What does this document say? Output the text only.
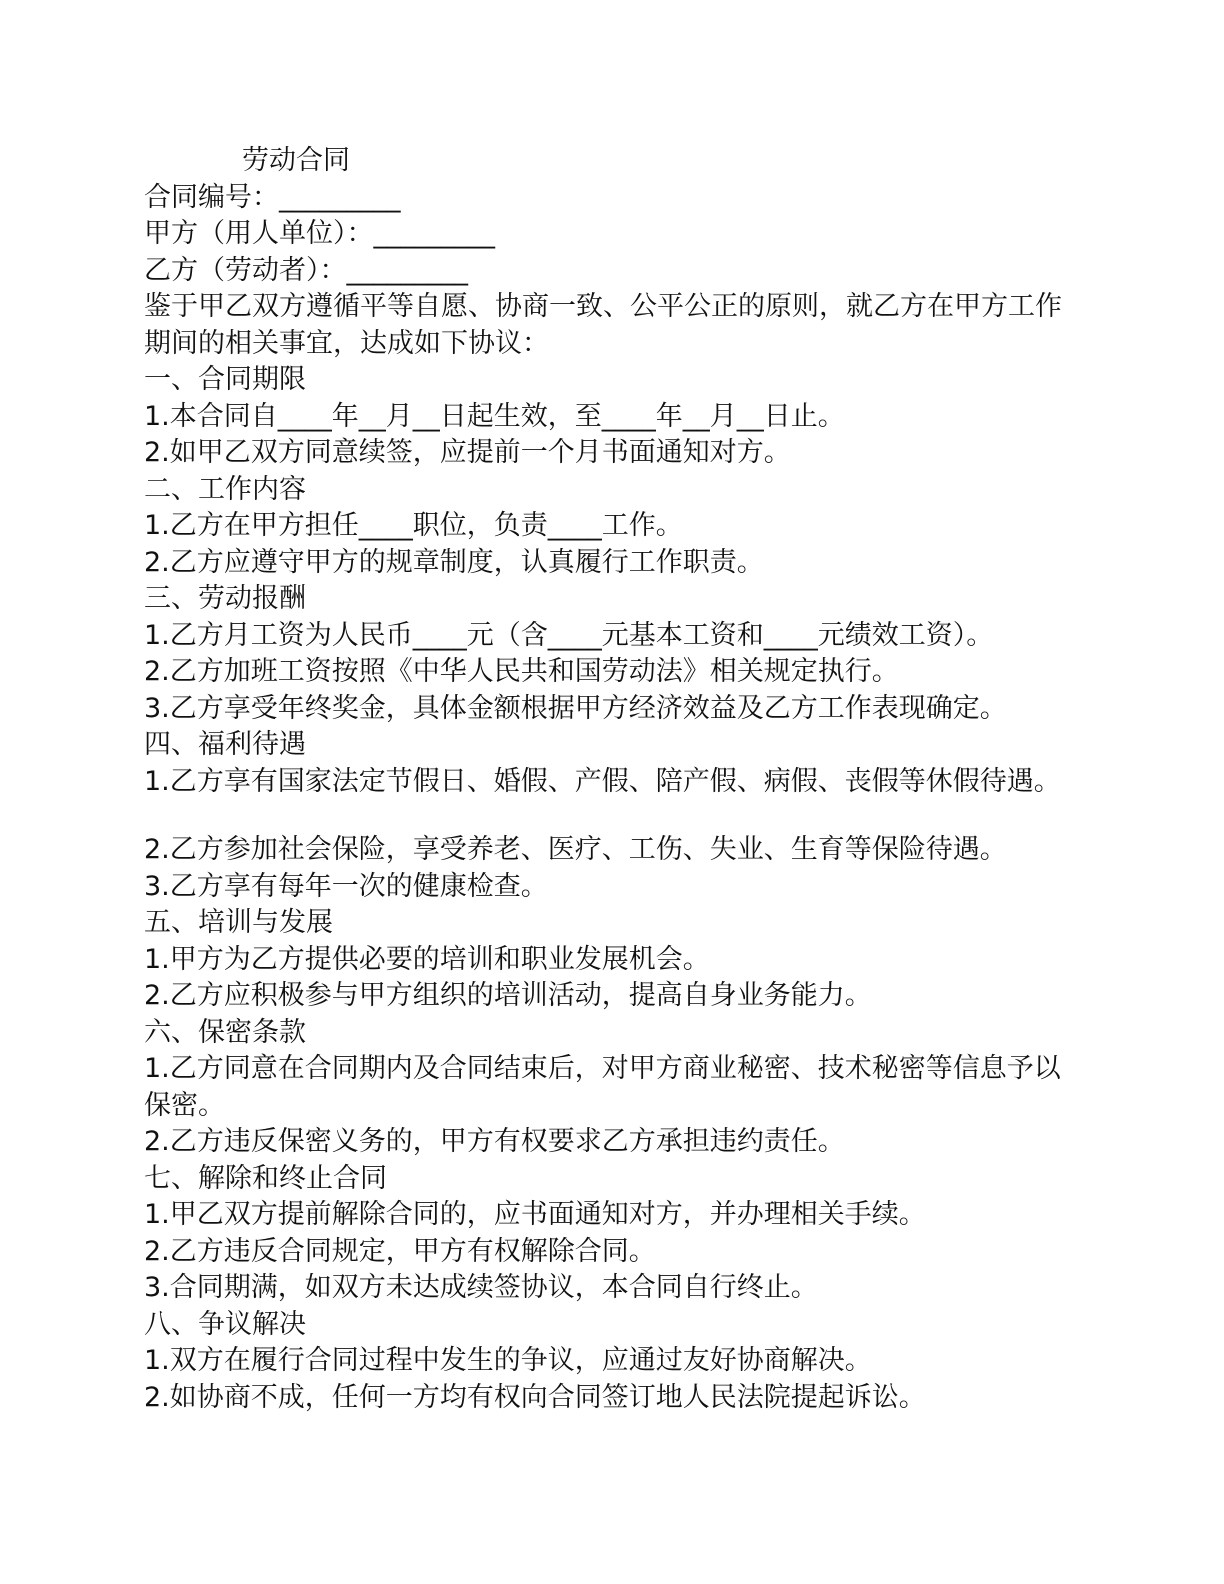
劳动合同

合同编号：_________

甲方（用人单位）：_________

乙方（劳动者）：_________

鉴于甲乙双方遵循平等自愿、协商一致、公平公正的原则，就乙方在甲方工作期间的相关事宜，达成如下协议：

一、合同期限

1.本合同自____年__月__日起生效，至____年__月__日止。

2.如甲乙双方同意续签，应提前一个月书面通知对方。

二、工作内容

1.乙方在甲方担任____职位，负责____工作。

2.乙方应遵守甲方的规章制度，认真履行工作职责。

三、劳动报酬

1.乙方月工资为人民币____元（含____元基本工资和____元绩效工资）。

2.乙方加班工资按照《中华人民共和国劳动法》相关规定执行。

3.乙方享受年终奖金，具体金额根据甲方经济效益及乙方工作表现确定。

四、福利待遇

1.乙方享有国家法定节假日、婚假、产假、陪产假、病假、丧假等休假待遇。

2.乙方参加社会保险，享受养老、医疗、工伤、失业、生育等保险待遇。

3.乙方享有每年一次的健康检查。

五、培训与发展

1.甲方为乙方提供必要的培训和职业发展机会。

2.乙方应积极参与甲方组织的培训活动，提高自身业务能力。

六、保密条款

1.乙方同意在合同期内及合同结束后，对甲方商业秘密、技术秘密等信息予以保密。

2.乙方违反保密义务的，甲方有权要求乙方承担违约责任。

七、解除和终止合同

1.甲乙双方提前解除合同的，应书面通知对方，并办理相关手续。

2.乙方违反合同规定，甲方有权解除合同。

3.合同期满，如双方未达成续签协议，本合同自行终止。

八、争议解决

1.双方在履行合同过程中发生的争议，应通过友好协商解决。

2.如协商不成，任何一方均有权向合同签订地人民法院提起诉讼。
